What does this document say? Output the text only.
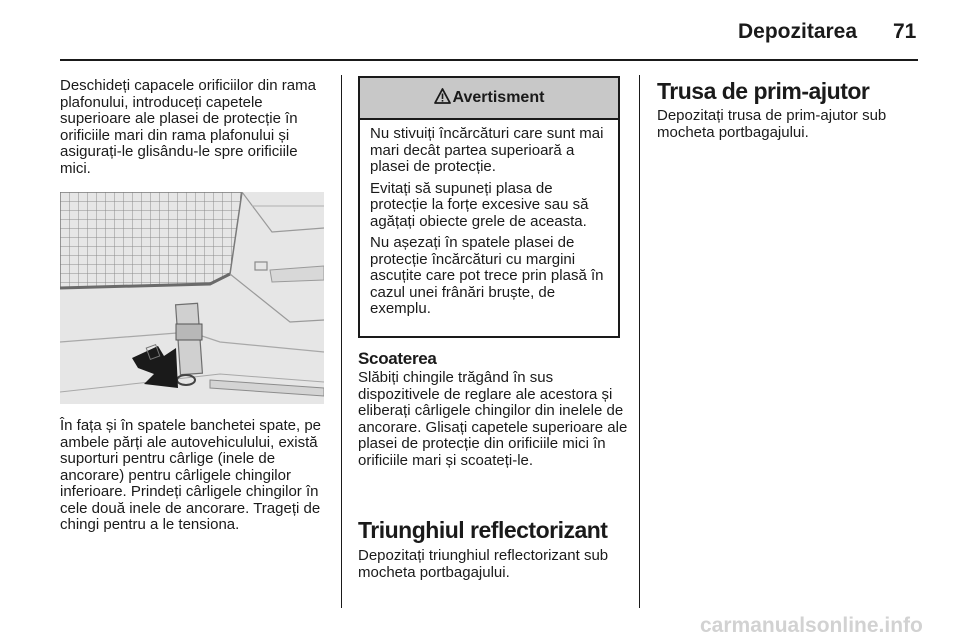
Depozitarea 71

Deschideți capacele orificiilor din rama plafonului, introduceți capetele superioare ale plasei de protecție în orificiile mari din rama plafonului și asigurați-le glisându-le spre orificiile mici.

În fața și în spatele banchetei spate, pe ambele părți ale autovehiculului, există suporturi pentru cârlige (inele de ancorare) pentru cârligele chingilor inferioare. Prindeți cârligele chingilor în cele două inele de ancorare. Trageți de chingi pentru a le tensiona.

Avertisment

Nu stivuiți încărcături care sunt mai mari decât partea superioară a plasei de protecție.

Evitați să supuneți plasa de protecție la forțe excesive sau să agățați obiecte grele de aceasta.

Nu așezați în spatele plasei de protecție încărcături cu margini ascuțite care pot trece prin plasă în cazul unei frânări bruște, de exemplu.

Scoaterea

Slăbiți chingile trăgând în sus dispozitivele de reglare ale acestora și eliberați cârligele chingilor din inelele de ancorare. Glisați capetele superioare ale plasei de protecție din orificiile mici în orificiile mari și scoateți-le.

Triunghiul reflectorizant

Depozitați triunghiul reflectorizant sub mocheta portbagajului.

Trusa de prim-ajutor

Depozitați trusa de prim-ajutor sub mocheta portbagajului.

carmanualsonline.info
